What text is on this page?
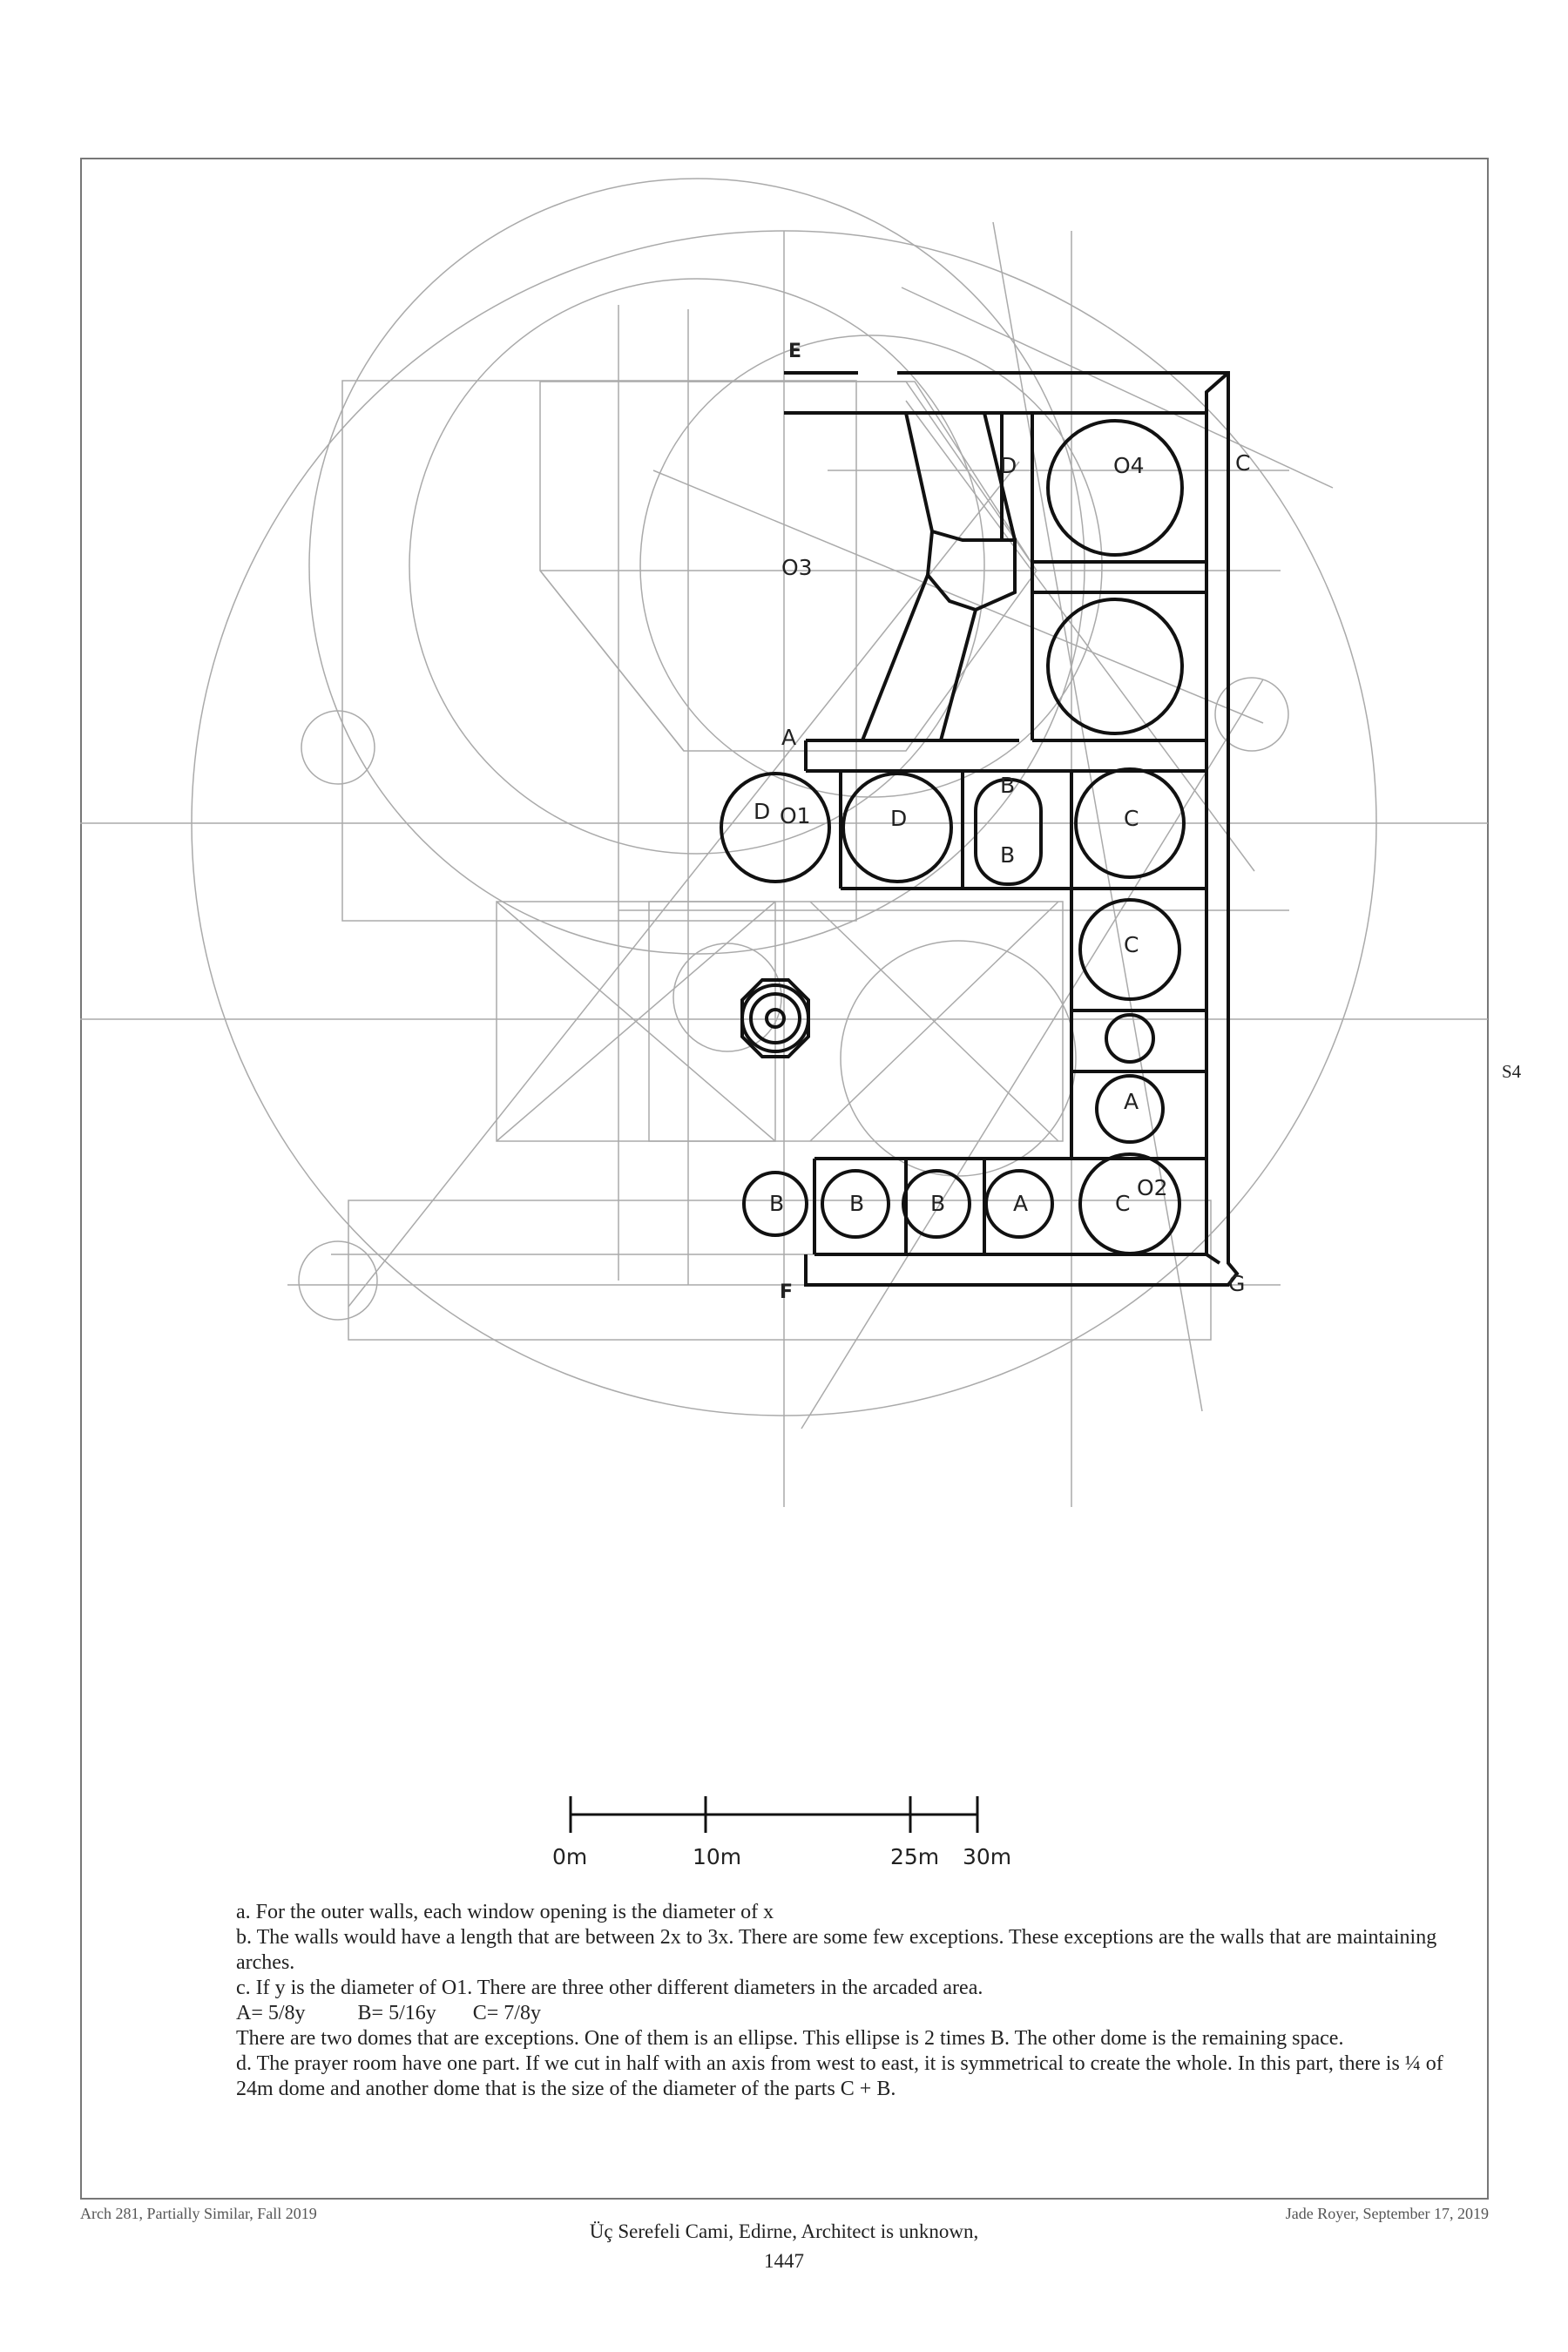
E
C
D	O4
O3
A
D O1	D
B
B
C
C
A
B	B	B	A	C
O2
F	G
S4
0m	10m	25m 30m

a. For the outer walls, each window opening is the diameter of x

b. The walls would have a length that are between 2x to 3x. There are some few exceptions. These exceptions are the walls that are maintaining arches.

c. If y is the diameter of O1. There are three other different diameters in the arcaded area.

A= 5/8y          B= 5/16y       C= 7/8y

There are two domes that are exceptions. One of them is an ellipse. This ellipse is 2 times B. The other dome is the remaining space.

d. The prayer room have one part. If we cut in half with an axis from west to east, it is symmetrical to create the whole. In this part, there is ¼ of 24m dome and another dome that is the size of the diameter of the parts C + B.

Arch 281, Partially Similar, Fall 2019	Jade Royer, September 17, 2019
Üç Serefeli Cami, Edirne, Architect is unknown,
1447
